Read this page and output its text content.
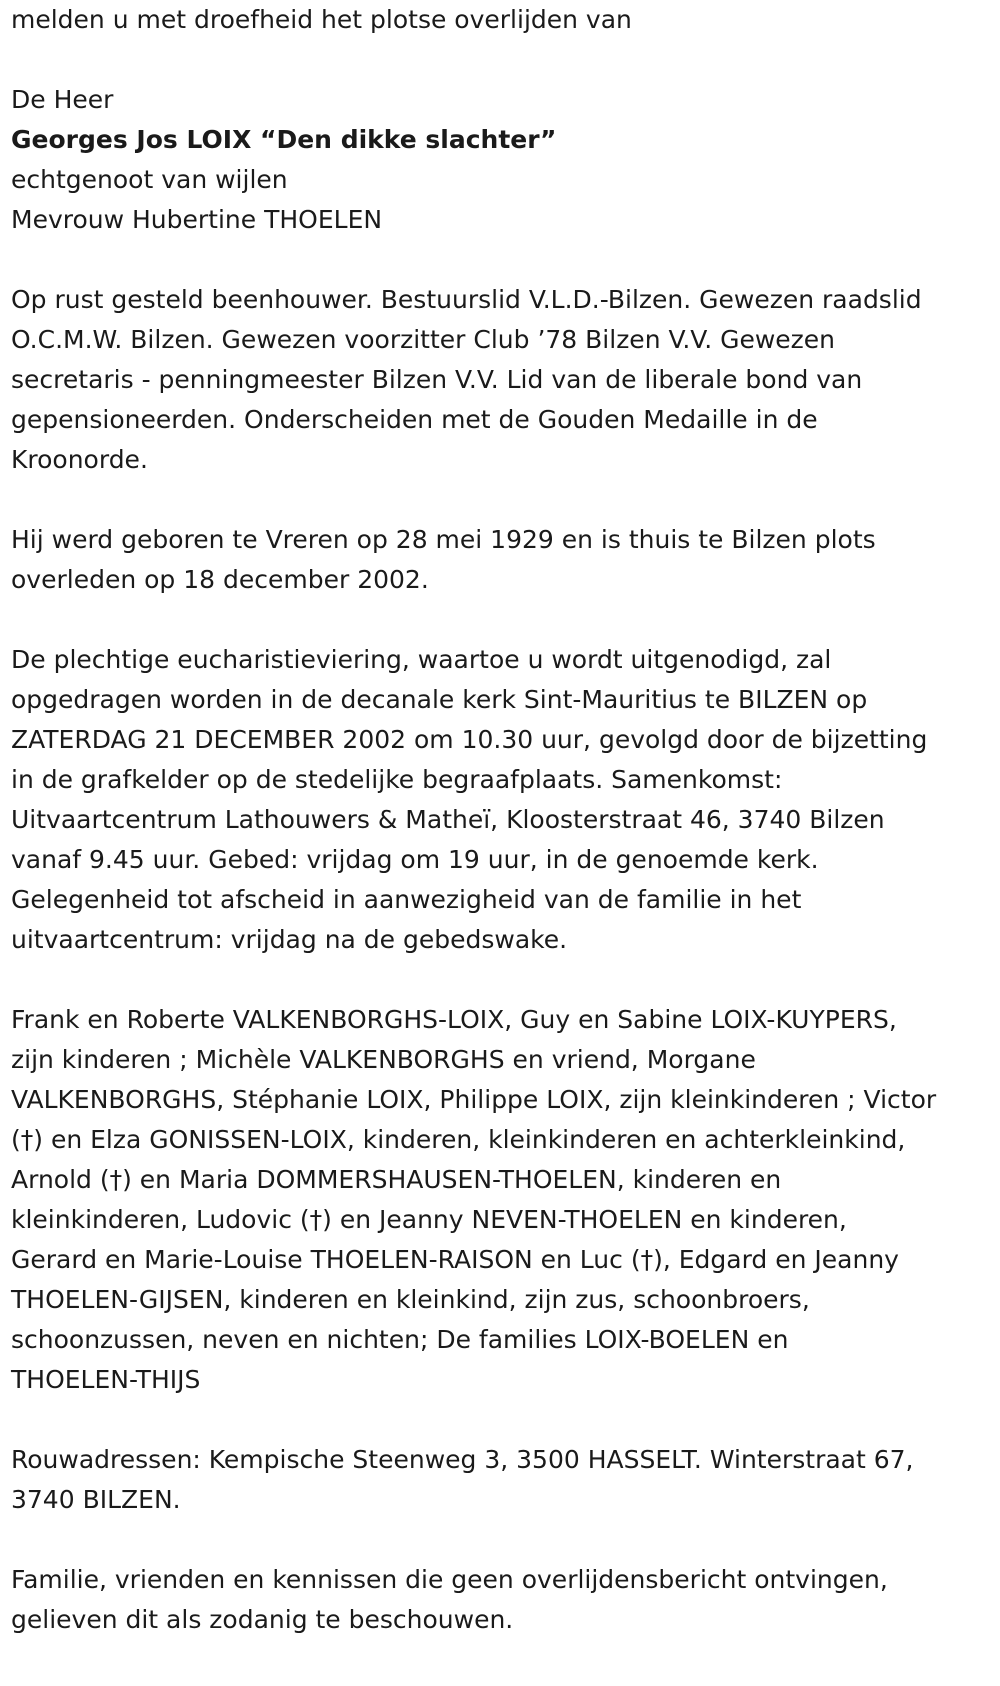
melden u met droefheid het plotse overlijden van

De Heer

Georges Jos LOIX “Den dikke slachter”

echtgenoot van wijlen

Mevrouw Hubertine THOELEN

Op rust gesteld beenhouwer. Bestuurslid V.L.D.-Bilzen. Gewezen raadslid

O.C.M.W. Bilzen. Gewezen voorzitter Club ’78 Bilzen V.V. Gewezen

secretaris - penningmeester Bilzen V.V. Lid van de liberale bond van

gepensioneerden. Onderscheiden met de Gouden Medaille in de

Kroonorde.

Hij werd geboren te Vreren op 28 mei 1929 en is thuis te Bilzen plots

overleden op 18 december 2002.

De plechtige eucharistieviering, waartoe u wordt uitgenodigd, zal

opgedragen worden in de decanale kerk Sint-Mauritius te BILZEN op

ZATERDAG 21 DECEMBER 2002 om 10.30 uur, gevolgd door de bijzetting

in de grafkelder op de stedelijke begraafplaats. Samenkomst:

Uitvaartcentrum Lathouwers & Matheï, Kloosterstraat 46, 3740 Bilzen

vanaf 9.45 uur. Gebed: vrijdag om 19 uur, in de genoemde kerk.

Gelegenheid tot afscheid in aanwezigheid van de familie in het

uitvaartcentrum: vrijdag na de gebedswake.

Frank en Roberte VALKENBORGHS-LOIX, Guy en Sabine LOIX-KUYPERS,

zijn kinderen ; Michèle VALKENBORGHS en vriend, Morgane

VALKENBORGHS, Stéphanie LOIX, Philippe LOIX, zijn kleinkinderen ; Victor

(†) en Elza GONISSEN-LOIX, kinderen, kleinkinderen en achterkleinkind,

Arnold (†) en Maria DOMMERSHAUSEN-THOELEN, kinderen en

kleinkinderen, Ludovic (†) en Jeanny NEVEN-THOELEN en kinderen,

Gerard en Marie-Louise THOELEN-RAISON en Luc (†), Edgard en Jeanny

THOELEN-GIJSEN, kinderen en kleinkind, zijn zus, schoonbroers,

schoonzussen, neven en nichten; De families LOIX-BOELEN en

THOELEN-THIJS

Rouwadressen: Kempische Steenweg 3, 3500 HASSELT. Winterstraat 67,

3740 BILZEN.

Familie, vrienden en kennissen die geen overlijdensbericht ontvingen,

gelieven dit als zodanig te beschouwen.
